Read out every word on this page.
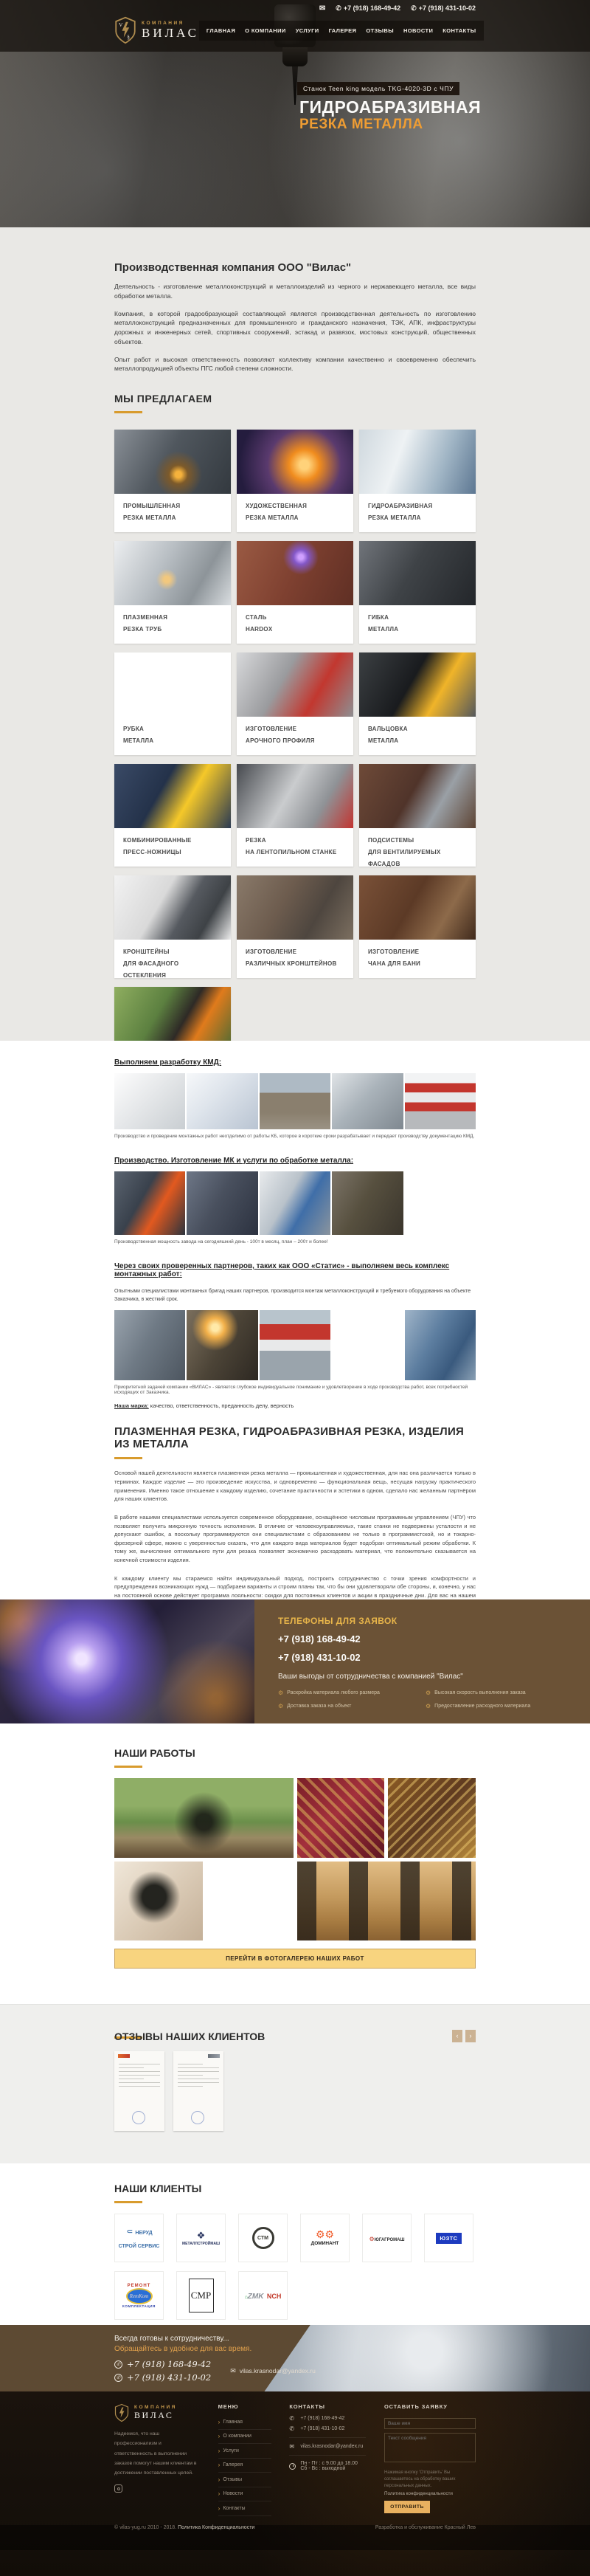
✉ ✆ +7 (918) 168-49-42 ✆ +7 (918) 431-10-02
V
§
КОМПАНИЯ
ВИЛАС ГЛАВНАЯ О КОМПАНИИ УСЛУГИ ГАЛЕРЕЯ ОТЗЫВЫ НОВОСТИ КОНТАКТЫ
Станок Teen king модель TKG-4020-3D с ЧПУ
ГИДРОАБРАЗИВНАЯ
РЕЗКА МЕТАЛЛА
Производственная компания ООО "Вилас"

Деятельность - изготовление металлоконструкций и металлоизделий из черного и нержавеющего металла, все виды обработки металла.

Компания, в которой градообразующей составляющей является производственная деятельность по изготовлению металлоконструкций предназначенных для промышленного и гражданского назначения, ТЭК, АПК, инфраструктуры дорожных и инженерных сетей, спортивных сооружений, эстакад и развязок, мостовых конструкций, общественных объектов.

Опыт работ и высокая ответственность позволяют коллективу компании качественно и своевременно обеспечить металлопродукцией объекты ПГС любой степени сложности.

МЫ ПРЕДЛАГАЕМ
ПРОМЫШЛЕННАЯ
РЕЗКА МЕТАЛЛА
ХУДОЖЕСТВЕННАЯ
РЕЗКА МЕТАЛЛА
ГИДРОАБРАЗИВНАЯ
РЕЗКА МЕТАЛЛА
ПЛАЗМЕННАЯ
РЕЗКА ТРУБ
СТАЛЬ
HARDOX
ГИБКА
МЕТАЛЛА
РУБКА
МЕТАЛЛА
ИЗГОТОВЛЕНИЕ
АРОЧНОГО ПРОФИЛЯ
ВАЛЬЦОВКА
МЕТАЛЛА
КОМБИНИРОВАННЫЕ
ПРЕСС-НОЖНИЦЫ
РЕЗКА
НА ЛЕНТОПИЛЬНОМ СТАНКЕ
ПОДСИСТЕМЫ
ДЛЯ ВЕНТИЛИРУЕМЫХ ФАСАДОВ
КРОНШТЕЙНЫ
ДЛЯ ФАСАДНОГО ОСТЕКЛЕНИЯ
ИЗГОТОВЛЕНИЕ
РАЗЛИЧНЫХ КРОНШТЕЙНОВ
ИЗГОТОВЛЕНИЕ
ЧАНА ДЛЯ БАНИ

Выполняем разработку КМД:
Производство и проведение монтажных работ неотделимо от работы КБ, которое в короткие сроки разрабатывает и передает производству документацию КМД.
Производство. Изготовление МК и услуги по обработке металла:
Производственная мощность завода на сегодняшний день - 100т в месяц, план – 200т и более!
Через своих проверенных партнеров, таких как ООО «Статис» - выполняем весь комплекс монтажных работ:

Опытными специалистами монтажных бригад наших партнеров, производится монтаж металлоконструкций и требуемого оборудования на объекте Заказчика, в жесткий срок.

Приоритетной задачей компании «ВИЛАС» - является глубокое индивидуальное понимание и удовлетворение в ходе производства работ, всех потребностей исходящих от Заказчика.
Наша марка: качество, ответственность, преданность делу, верность
ПЛАЗМЕННАЯ РЕЗКА, ГИДРОАБРАЗИВНАЯ РЕЗКА, ИЗДЕЛИЯ ИЗ МЕТАЛЛА

Основой нашей деятельности является плазменная резка металла — промышленная и художественная, для нас она различается только в терминах. Каждое изделие — это произведение искусства, и одновременно — функциональная вещь, несущая нагрузку практического применения. Именно такое отношение к каждому изделию, сочетание практичности и эстетики в одном, сделало нас желанным партнёром для наших клиентов.

В работе нашими специалистами используется современное оборудование, оснащённое числовым программным управлением (ЧПУ) что позволяет получить микронную точность исполнения. В отличие от человекоуправляемых, такие станки не подвержены усталости и не допускают ошибок, а поскольку программируются они специалистами с образованием не только в программистской, но и токарно-фрезерной сфере, можно с уверенностью сказать, что для каждого вида материалов будет подобран оптимальный режим обработки. К тому же, вычисление оптимального пути для резака позволяет экономично расходовать материал, что положительно сказывается на конечной стоимости изделия.

К каждому клиенту мы стараемся найти индивидуальный подход, построить сотрудничество с точки зрения комфортности и предупреждения возникающих нужд — подбираем варианты и строим планы так, что бы они удовлетворяли обе стороны, и, конечно, у нас на постоянной основе действует программа лояльности: скидки для постоянных клиентов и акции в праздничные дни. Для вас на нашем

ТЕЛЕФОНЫ ДЛЯ ЗАЯВОК
+7 (918) 168-49-42
+7 (918) 431-10-02
Ваши выгоды от сотрудничества с компанией "Вилас"
⚙ Раскройка материала любого размера	⚙ Высокая скорость выполнения заказа
⚙ Доставка заказа на объект	⚙ Предоставление расходного материала
НАШИ РАБОТЫ
ПЕРЕЙТИ В ФОТОГАЛЕРЕЮ НАШИХ РАБОТ
ОТЗЫВЫ НАШИХ КЛИЕНТОВ	‹	›
НАШИ КЛИЕНТЫ
⸦ НЕРУД СТРОЙ СЕРВИС
❖
МЕТАЛЛСТРОЙМАШ
СТМ	⚙⚙
ДОМИНАНТ
⚙ЮГАГРОМАШ	ЮЗТС
РЕМОНТ
RemKom
КОМПЛЕКТАЦИЯ
СМР	⌂ZMK NCH
Всегда готовы к сотрудничеству...
Обращайтесь в удобное для вас время.
✆ +7 (918) 168-49-42
✆ +7 (918) 431-10-02
✉ vilas.krasnodar@yandex.ru
КОМПАНИЯ
ВИЛАС

Надеемся, что наш профессионализм и ответственность в выполнении заказов помогут нашим клиентам в достижении поставленных целей.

МЕНЮ
› Главная
› О компании
› Услуги
› Галерея
› Отзывы
› Новости
› Контакты
КОНТАКТЫ
✆	+7 (918) 168-49-42
✆	+7 (918) 431-10-02
✉	vilas.krasnodar@yandex.ru
Пн - Пт : с 9.00 до 18.00
Сб - Вс : выходной
ОСТАВИТЬ ЗАЯВКУ
Ваше имя Текст сообщения
Нажимая кнопку 'Отправить' Вы соглашаетесь на обработку ваших персональных данных.
Политика конфиденциальности
ОТПРАВИТЬ
© vilas-yug.ru 2010 - 2018. Политика Конфиденциальности	Разработка и обслуживание Красный Лев
